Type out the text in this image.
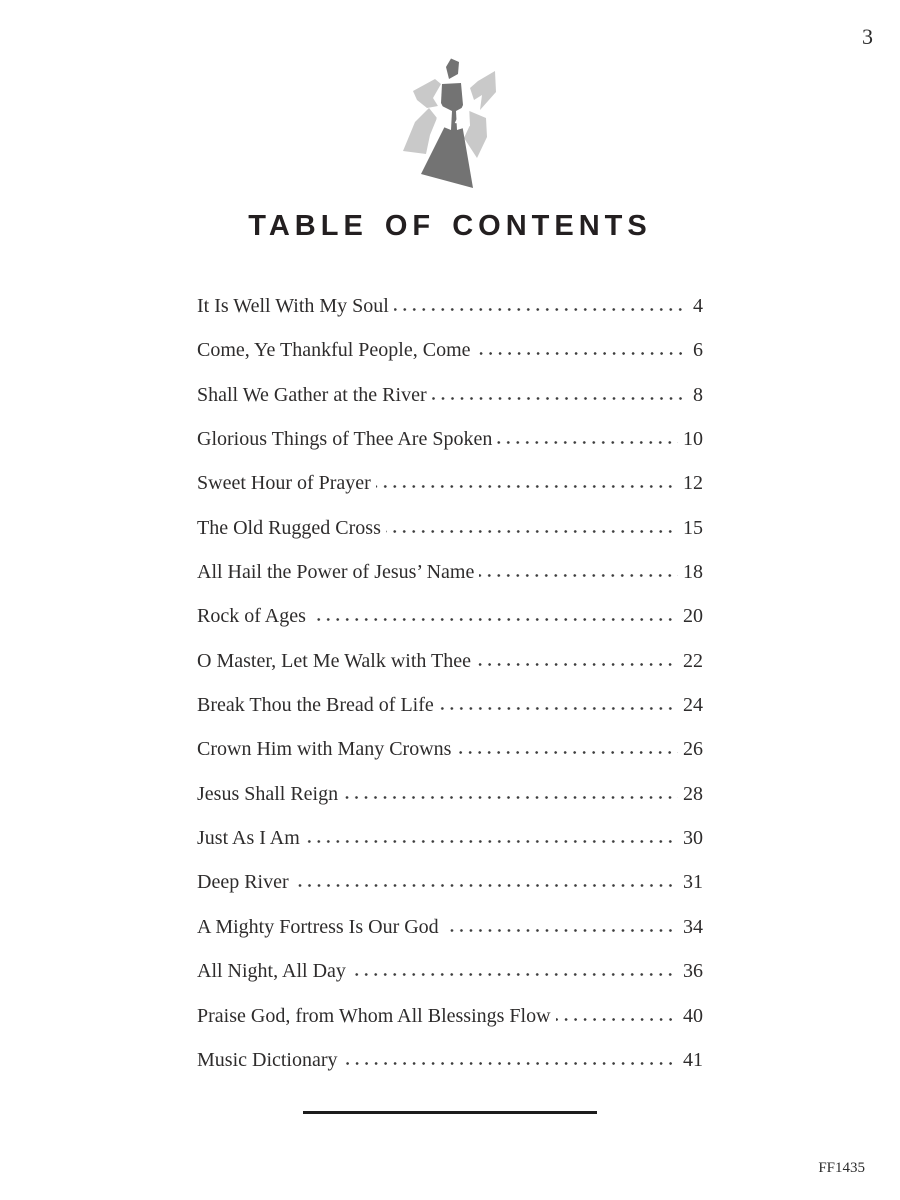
3
TABLE OF CONTENTS
It Is Well With My Soul	4
Come, Ye Thankful People, Come	6
Shall We Gather at the River	8
Glorious Things of Thee Are Spoken	10
Sweet Hour of Prayer	12
The Old Rugged Cross	15
All Hail the Power of Jesus’ Name	18
Rock of Ages	20
O Master, Let Me Walk with Thee	22
Break Thou the Bread of Life	24
Crown Him with Many Crowns	26
Jesus Shall Reign	28
Just As I Am	30
Deep River	31
A Mighty Fortress Is Our God	34
All Night, All Day	36
Praise God, from Whom All Blessings Flow	40
Music Dictionary	41
FF1435
